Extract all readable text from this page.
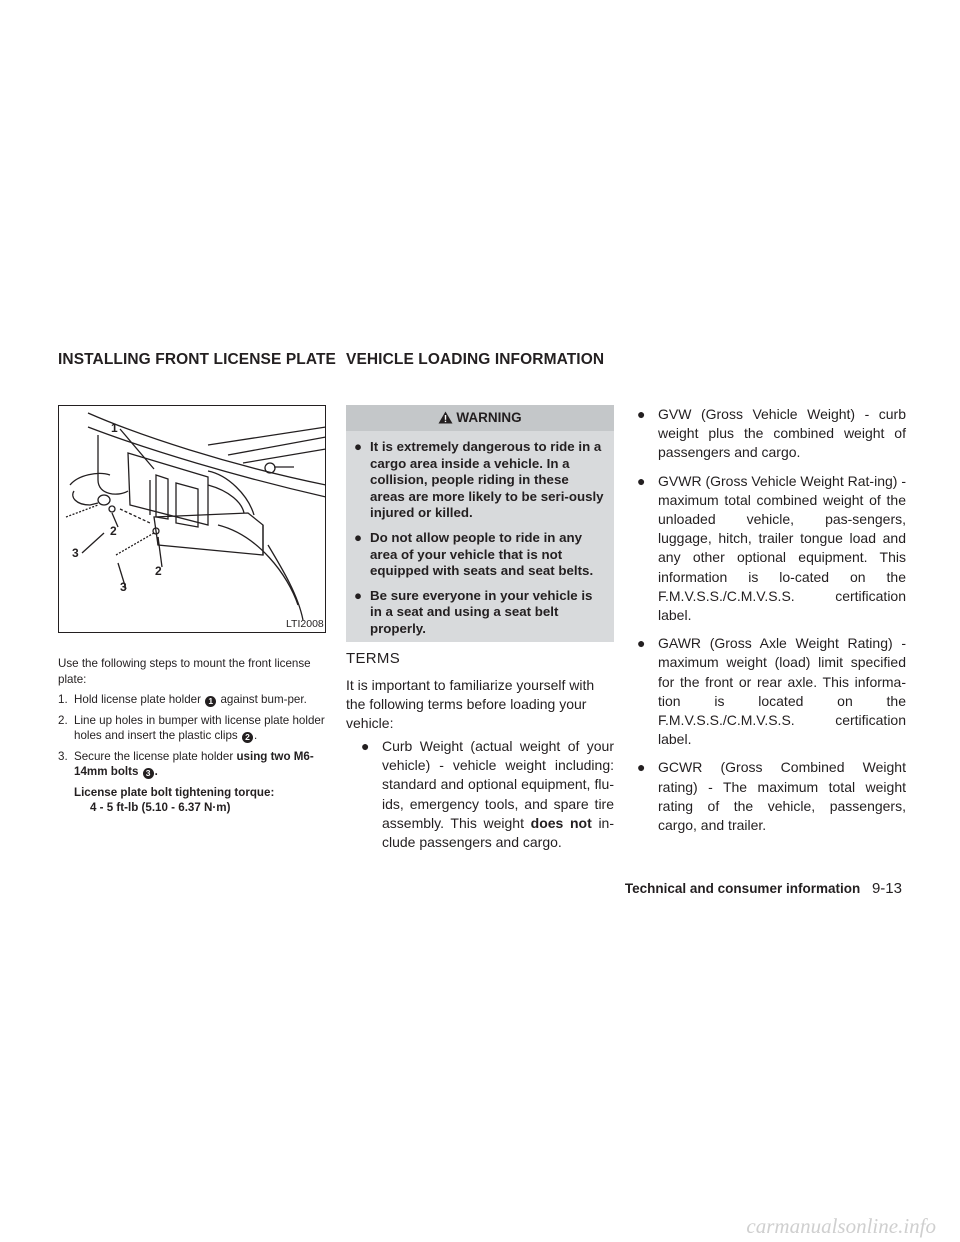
INSTALLING FRONT LICENSE PLATE VEHICLE LOADING INFORMATION
1
2
3
2
3
LTI2008
Use the following steps to mount the front license plate:
1. Hold license plate holder 1 against bum-per.
2. Line up holes in bumper with license plate holder holes and insert the plastic clips 2 .
3. Secure the license plate holder using two M6-14mm bolts 3 .
License plate bolt tightening torque:
4 - 5 ft-lb (5.10 - 6.37 N·m)
WARNING
● It is extremely dangerous to ride in a cargo area inside a vehicle. In a collision, people riding in these areas are more likely to be seri-ously injured or killed.
● Do not allow people to ride in any area of your vehicle that is not equipped with seats and seat belts.
● Be sure everyone in your vehicle is in a seat and using a seat belt properly.
TERMS
It is important to familiarize yourself with the following terms before loading your vehicle:
● Curb Weight (actual weight of your vehicle) - vehicle weight including: standard and optional equipment, flu-ids, emergency tools, and spare tire assembly. This weight does not in-clude passengers and cargo.
● GVW (Gross Vehicle Weight) - curb weight plus the combined weight of passengers and cargo.
● GVWR (Gross Vehicle Weight Rat-ing) - maximum total combined weight of the unloaded vehicle, pas-sengers, luggage, hitch, trailer tongue load and any other optional equipment. This information is lo-cated on the F.M.V.S.S./C.M.V.S.S. certification label.
● GAWR (Gross Axle Weight Rating) - maximum weight (load) limit specified for the front or rear axle. This informa-tion is located on the F.M.V.S.S./C.M.V.S.S. certification label.
● GCWR (Gross Combined Weight rating) - The maximum total weight rating of the vehicle, passengers, cargo, and trailer.
Technical and consumer information 9-13
carmanualsonline.info
